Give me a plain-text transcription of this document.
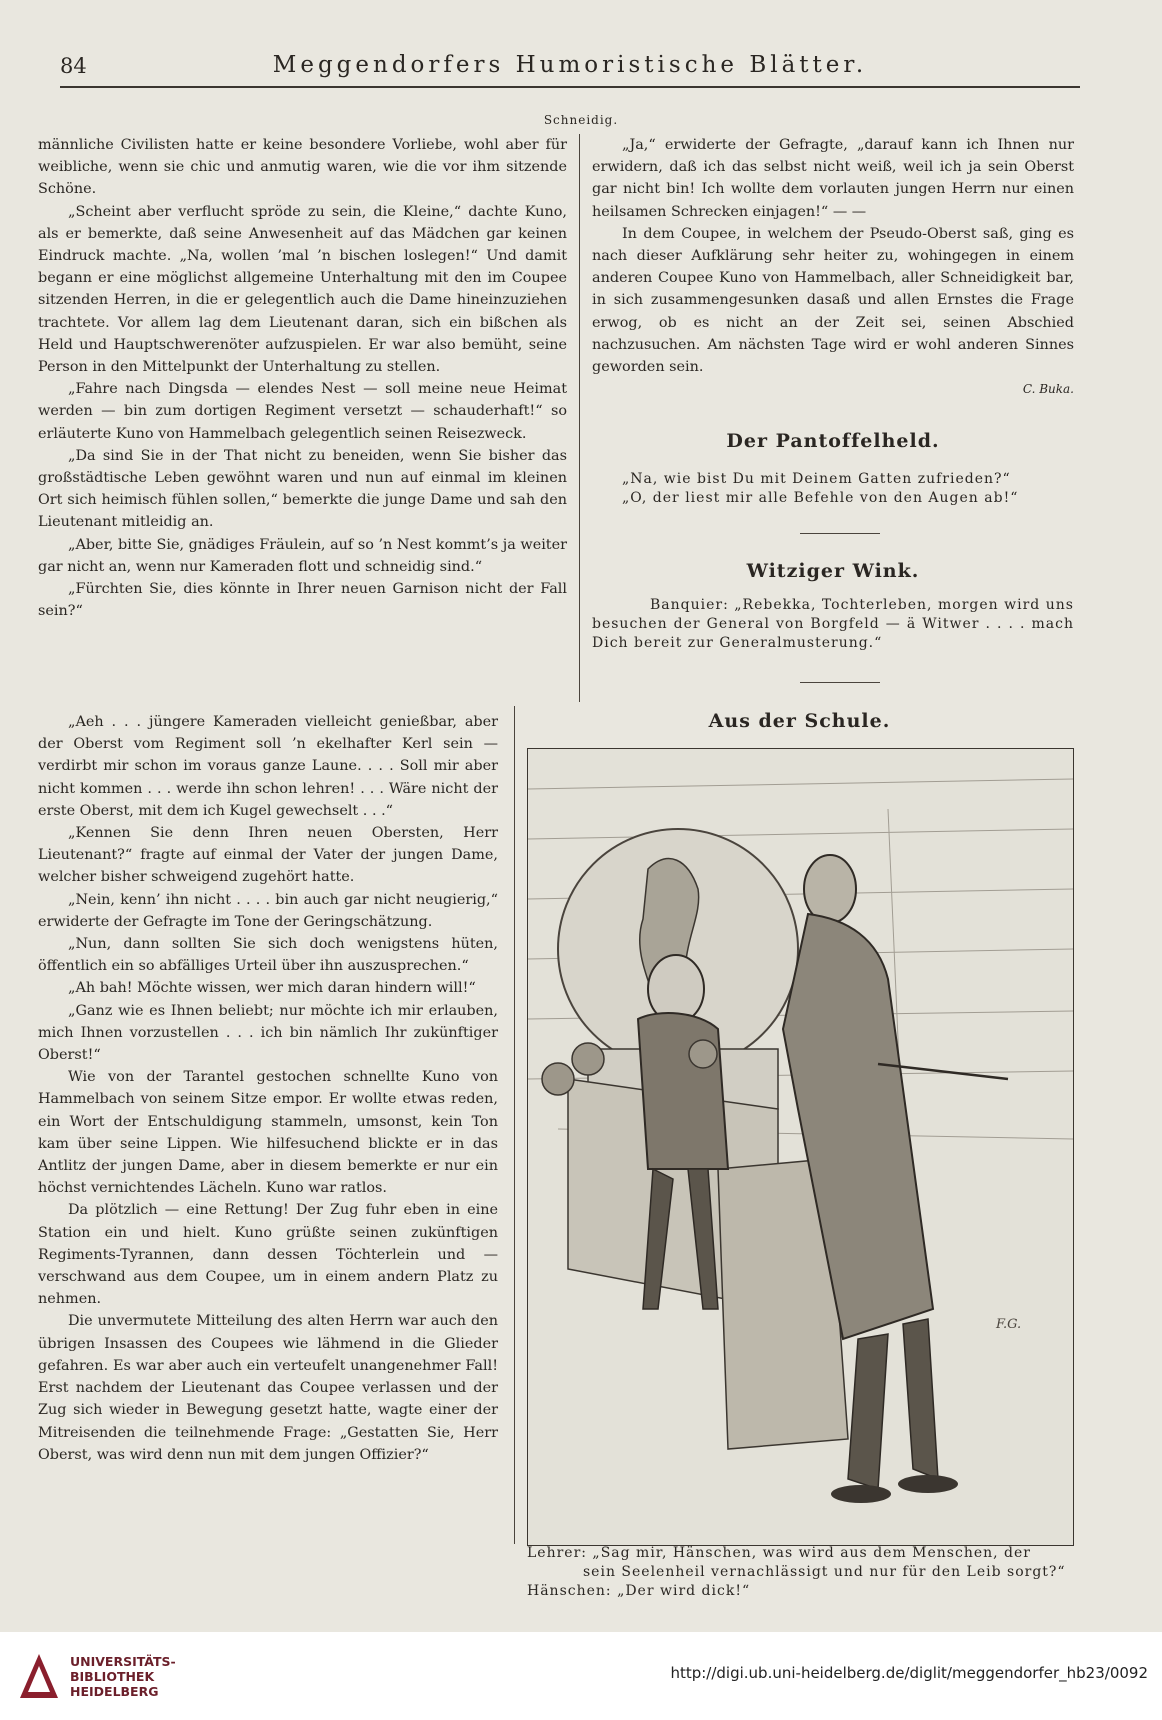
84	Meggendorfers Humoristische Blätter.
Schneidig.

männliche Civilisten hatte er keine besondere Vorliebe, wohl aber für weibliche, wenn sie chic und anmutig waren, wie die vor ihm sitzende Schöne.

„Scheint aber verflucht spröde zu sein, die Kleine,“ dachte Kuno, als er bemerkte, daß seine Anwesenheit auf das Mädchen gar keinen Eindruck machte. „Na, wollen ’mal ’n bischen loslegen!“ Und damit begann er eine möglichst allgemeine Unterhaltung mit den im Coupee sitzenden Herren, in die er gelegentlich auch die Dame hineinzuziehen trachtete. Vor allem lag dem Lieutenant daran, sich ein bißchen als Held und Hauptschwerenöter aufzuspielen. Er war also bemüht, seine Person in den Mittelpunkt der Unterhaltung zu stellen.

„Fahre nach Dingsda — elendes Nest — soll meine neue Heimat werden — bin zum dortigen Regiment versetzt — schauderhaft!“ so erläuterte Kuno von Hammelbach gelegentlich seinen Reisezweck.

„Da sind Sie in der That nicht zu beneiden, wenn Sie bisher das großstädtische Leben gewöhnt waren und nun auf einmal im kleinen Ort sich heimisch fühlen sollen,“ bemerkte die junge Dame und sah den Lieutenant mitleidig an.

„Aber, bitte Sie, gnädiges Fräulein, auf so ’n Nest kommt’s ja weiter gar nicht an, wenn nur Kameraden flott und schneidig sind.“

„Fürchten Sie, dies könnte in Ihrer neuen Garnison nicht der Fall sein?“

„Aeh . . . jüngere Kameraden vielleicht genießbar, aber der Oberst vom Regiment soll ’n ekelhafter Kerl sein — verdirbt mir schon im voraus ganze Laune. . . . Soll mir aber nicht kommen . . . werde ihn schon lehren! . . . Wäre nicht der erste Oberst, mit dem ich Kugel gewechselt . . .“

„Kennen Sie denn Ihren neuen Obersten, Herr Lieutenant?“ fragte auf einmal der Vater der jungen Dame, welcher bisher schweigend zugehört hatte.

„Nein, kenn’ ihn nicht . . . . bin auch gar nicht neugierig,“ erwiderte der Gefragte im Tone der Geringschätzung.

„Nun, dann sollten Sie sich doch wenigstens hüten, öffentlich ein so abfälliges Urteil über ihn auszusprechen.“

„Ah bah! Möchte wissen, wer mich daran hindern will!“

„Ganz wie es Ihnen beliebt; nur möchte ich mir erlauben, mich Ihnen vorzustellen . . . ich bin nämlich Ihr zukünftiger Oberst!“

Wie von der Tarantel gestochen schnellte Kuno von Hammelbach von seinem Sitze empor. Er wollte etwas reden, ein Wort der Entschuldigung stammeln, umsonst, kein Ton kam über seine Lippen. Wie hilfesuchend blickte er in das Antlitz der jungen Dame, aber in diesem bemerkte er nur ein höchst vernichtendes Lächeln. Kuno war ratlos.

Da plötzlich — eine Rettung! Der Zug fuhr eben in eine Station ein und hielt. Kuno grüßte seinen zukünftigen Regiments-Tyrannen, dann dessen Töchterlein und — verschwand aus dem Coupee, um in einem andern Platz zu nehmen.

Die unvermutete Mitteilung des alten Herrn war auch den übrigen Insassen des Coupees wie lähmend in die Glieder gefahren. Es war aber auch ein verteufelt unangenehmer Fall! Erst nachdem der Lieutenant das Coupee verlassen und der Zug sich wieder in Bewegung gesetzt hatte, wagte einer der Mitreisenden die teilnehmende Frage: „Gestatten Sie, Herr Oberst, was wird denn nun mit dem jungen Offizier?“

„Ja,“ erwiderte der Gefragte, „darauf kann ich Ihnen nur erwidern, daß ich das selbst nicht weiß, weil ich ja sein Oberst gar nicht bin! Ich wollte dem vorlauten jungen Herrn nur einen heilsamen Schrecken einjagen!“ — —

In dem Coupee, in welchem der Pseudo-Oberst saß, ging es nach dieser Aufklärung sehr heiter zu, wohingegen in einem anderen Coupee Kuno von Hammelbach, aller Schneidigkeit bar, in sich zusammengesunken dasaß und allen Ernstes die Frage erwog, ob es nicht an der Zeit sei, seinen Abschied nachzusuchen. Am nächsten Tage wird er wohl anderen Sinnes geworden sein.

C. Buka.

Der Pantoffelheld.
„Na, wie bist Du mit Deinem Gatten zufrieden?“
„O, der liest mir alle Befehle von den Augen ab!“
Witziger Wink.
Banquier: „Rebekka, Tochterleben, morgen wird uns besuchen der General von Borgfeld — ä Witwer . . . . mach Dich bereit zur Generalmusterung.“
Aus der Schule.
F.G.
Lehrer: „Sag mir, Hänschen, was wird aus dem Menschen, der
sein Seelenheil vernachlässigt und nur für den Leib sorgt?“
Hänschen: „Der wird dick!“
UNIVERSITÄTS-
BIBLIOTHEK
HEIDELBERG
http://digi.ub.uni-heidelberg.de/diglit/meggendorfer_hb23/0092
